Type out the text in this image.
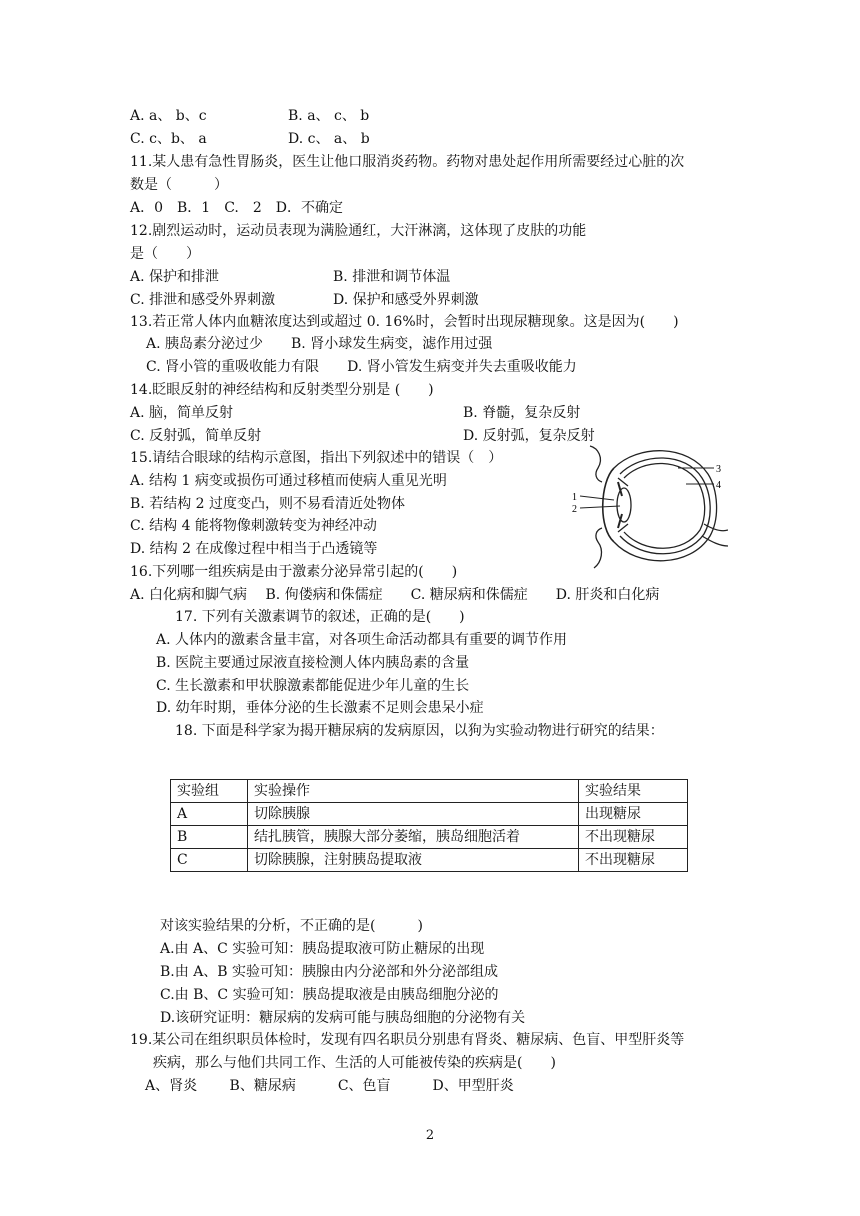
A. a、 b、c	B. a、 c、 b
C. c、b、 a	D. c、 a、 b
11.某人患有急性胃肠炎，医生让他口服消炎药物。药物对患处起作用所需要经过心脏的次
数是（　　　）
A．0　B．1　C.　2　D．不确定
12.剧烈运动时，运动员表现为满脸通红，大汗淋漓，这体现了皮肤的功能
是（　　）
A. 保护和排泄	B. 排泄和调节体温
C. 排泄和感受外界刺激	D. 保护和感受外界刺激
13.若正常人体内血糖浓度达到或超过 0. 16%时，会暂时出现尿糖现象。这是因为(　　)
A. 胰岛素分泌过少　　B. 肾小球发生病变，滤作用过强
C. 肾小管的重吸收能力有限　　D. 肾小管发生病变并失去重吸收能力
14.眨眼反射的神经结构和反射类型分别是 (　　)
A. 脑，简单反射	B. 脊髓，复杂反射
C. 反射弧，简单反射	D. 反射弧，复杂反射
15.请结合眼球的结构示意图，指出下列叙述中的错误（　）
A. 结构 1 病变或损伤可通过移植而使病人重见光明
B. 若结构 2 过度变凸，则不易看清近处物体
C. 结构 4 能将物像刺激转变为神经冲动
D. 结构 2 在成像过程中相当于凸透镜等
1
2
3
4
16.下列哪一组疾病是由于激素分泌异常引起的(　　)
A. 白化病和脚气病　 B. 佝偻病和侏儒症　　C. 糖尿病和侏儒症　　D. 肝炎和白化病
17. 下列有关激素调节的叙述，正确的是(　　)
A. 人体内的激素含量丰富，对各项生命活动都具有重要的调节作用
B. 医院主要通过尿液直接检测人体内胰岛素的含量
C. 生长激素和甲状腺激素都能促进少年儿童的生长
D. 幼年时期，垂体分泌的生长激素不足则会患呆小症
18. 下面是科学家为揭开糖尿病的发病原因，以狗为实验动物进行研究的结果：
实验组	实验操作	实验结果
A	切除胰腺	出现糖尿
B	结扎胰管，胰腺大部分萎缩，胰岛细胞活着	不出现糖尿
C	切除胰腺，注射胰岛提取液	不出现糖尿
对该实验结果的分析，不正确的是(　　　)
A.由 A、C 实验可知：胰岛提取液可防止糖尿的出现
B.由 A、B 实验可知：胰腺由内分泌部和外分泌部组成
C.由 B、C 实验可知：胰岛提取液是由胰岛细胞分泌的
D.该研究证明：糖尿病的发病可能与胰岛细胞的分泌物有关
19.某公司在组织职员体检时，发现有四名职员分别患有肾炎、糖尿病、色盲、甲型肝炎等
疾病，那么与他们共同工作、生活的人可能被传染的疾病是(　　)
A、肾炎　　 B、糖尿病　　　C、色盲　　　D、甲型肝炎
2
